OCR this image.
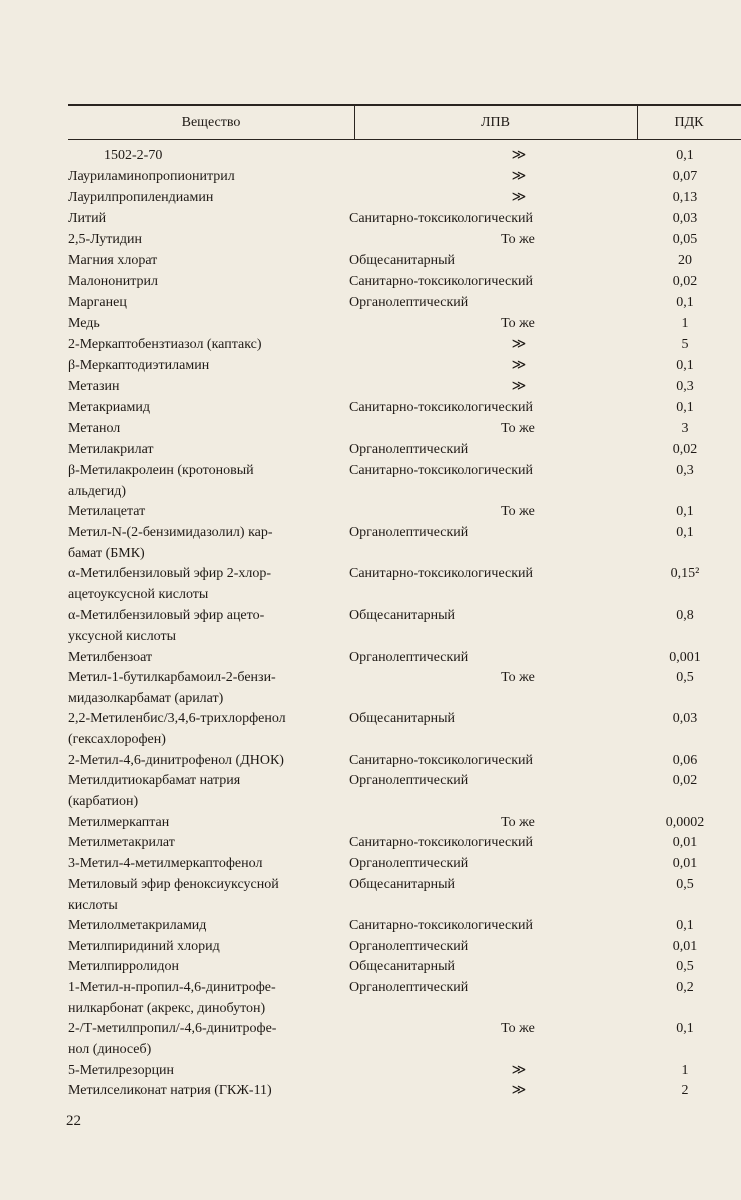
Вещество	ЛПВ	ПДК
1502-2-70	≫	0,1
Лауриламинопропионитрил	≫	0,07
Лаурилпропилендиамин	≫	0,13
Литий	Санитарно-токсикологический	0,03
2,5-Лутидин	То же	0,05
Магния хлорат	Общесанитарный	20
Малононитрил	Санитарно-токсикологический	0,02
Марганец	Органолептический	0,1
Медь	То же	1
2-Меркаптобензтиазол (каптакс)	≫	5
β-Меркаптодиэтиламин	≫	0,1
Метазин	≫	0,3
Метакриамид	Санитарно-токсикологический	0,1
Метанол	То же	3
Метилакрилат	Органолептический	0,02
β-Метилакролеин (кротоновый	Санитарно-токсикологический	0,3
альдегид)
Метилацетат	То же	0,1
Метил-N-(2-бензимидазолил) кар-	Органолептический	0,1
бамат (БМК)
α-Метилбензиловый эфир 2-хлор-	Санитарно-токсикологический	0,15²
ацетоуксусной кислоты
α-Метилбензиловый эфир ацето-	Общесанитарный	0,8
уксусной кислоты
Метилбензоат	Органолептический	0,001
Метил-1-бутилкарбамоил-2-бензи-	То же	0,5
мидазолкарбамат (арилат)
2,2-Метиленбис/3,4,6-трихлорфенол	Общесанитарный	0,03
(гексахлорофен)
2-Метил-4,6-динитрофенол (ДНОК)	Санитарно-токсикологический	0,06
Метилдитиокарбамат натрия	Органолептический	0,02
(карбатион)
Метилмеркаптан	То же	0,0002
Метилметакрилат	Санитарно-токсикологический	0,01
3-Метил-4-метилмеркаптофенол	Органолептический	0,01
Метиловый эфир феноксиуксусной	Общесанитарный	0,5
кислоты
Метилолметакриламид	Санитарно-токсикологический	0,1
Метилпиридиний хлорид	Органолептический	0,01
Метилпирролидон	Общесанитарный	0,5
1-Метил-н-пропил-4,6-динитрофе-	Органолептический	0,2
нилкарбонат (акрекс, динобутон)
2-/Т-метилпропил/-4,6-динитрофе-	То же	0,1
нол (диносеб)
5-Метилрезорцин	≫	1
Метилселиконат натрия (ГКЖ-11)	≫	2
22
